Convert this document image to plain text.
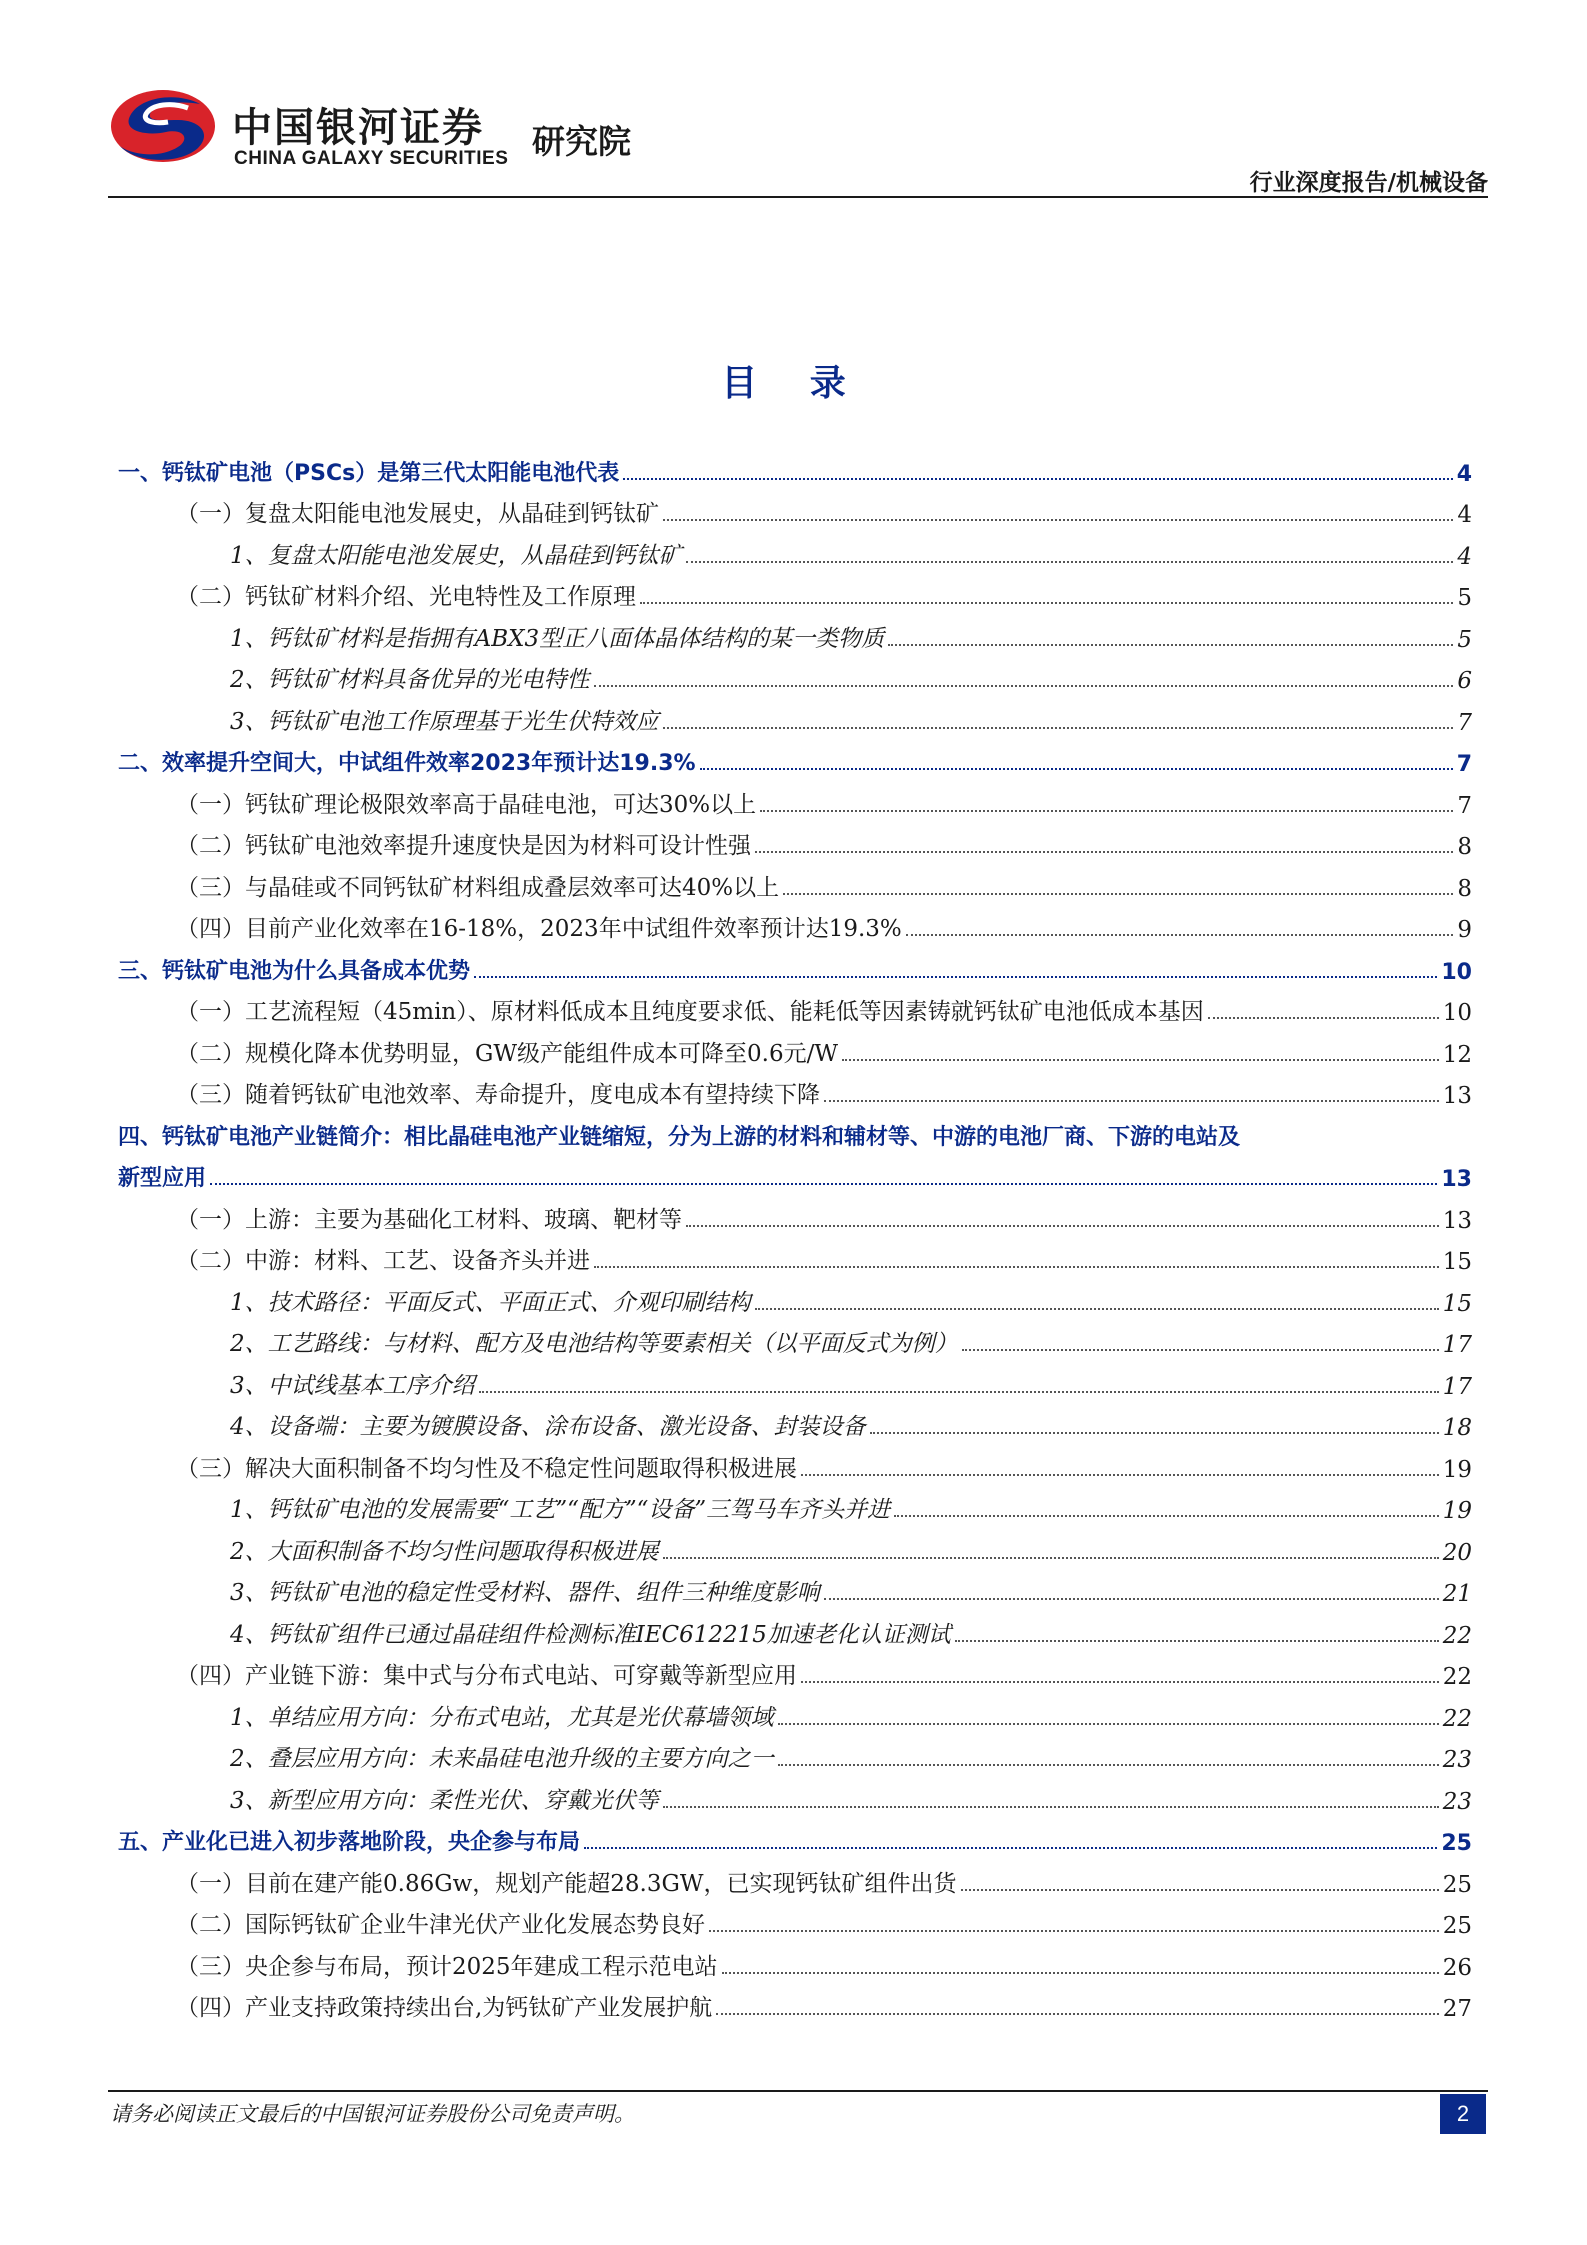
中国银河证券
CHINA GALAXY SECURITIES 研究院
行业深度报告/机械设备
目 录
一、钙钛矿电池（PSCs）是第三代太阳能电池代表	4
（一）复盘太阳能电池发展史，从晶硅到钙钛矿	4
1、复盘太阳能电池发展史，从晶硅到钙钛矿	4
（二）钙钛矿材料介绍、光电特性及工作原理	5
1、钙钛矿材料是指拥有ABX3型正八面体晶体结构的某一类物质	5
2、钙钛矿材料具备优异的光电特性	6
3、钙钛矿电池工作原理基于光生伏特效应	7
二、效率提升空间大，中试组件效率2023年预计达19.3%	7
（一）钙钛矿理论极限效率高于晶硅电池，可达30%以上	7
（二）钙钛矿电池效率提升速度快是因为材料可设计性强	8
（三）与晶硅或不同钙钛矿材料组成叠层效率可达40%以上	8
（四）目前产业化效率在16-18%，2023年中试组件效率预计达19.3%	9
三、钙钛矿电池为什么具备成本优势	10
（一）工艺流程短（45min）、原材料低成本且纯度要求低、能耗低等因素铸就钙钛矿电池低成本基因	10
（二）规模化降本优势明显，GW级产能组件成本可降至0.6元/W	12
（三）随着钙钛矿电池效率、寿命提升，度电成本有望持续下降	13
四、钙钛矿电池产业链简介：相比晶硅电池产业链缩短，分为上游的材料和辅材等、中游的电池厂商、下游的电站及
新型应用	13
（一）上游：主要为基础化工材料、玻璃、靶材等	13
（二）中游：材料、工艺、设备齐头并进	15
1、技术路径：平面反式、平面正式、介观印刷结构	15
2、工艺路线：与材料、配方及电池结构等要素相关（以平面反式为例）	17
3、中试线基本工序介绍	17
4、设备端：主要为镀膜设备、涂布设备、激光设备、封装设备	18
（三）解决大面积制备不均匀性及不稳定性问题取得积极进展	19
1、钙钛矿电池的发展需要“工艺”“配方”“设备”三驾马车齐头并进	19
2、大面积制备不均匀性问题取得积极进展	20
3、钙钛矿电池的稳定性受材料、器件、组件三种维度影响	21
4、钙钛矿组件已通过晶硅组件检测标准IEC612215加速老化认证测试	22
（四）产业链下游：集中式与分布式电站、可穿戴等新型应用	22
1、单结应用方向：分布式电站，尤其是光伏幕墙领域	22
2、叠层应用方向：未来晶硅电池升级的主要方向之一	23
3、新型应用方向：柔性光伏、穿戴光伏等	23
五、产业化已进入初步落地阶段，央企参与布局	25
（一）目前在建产能0.86Gw，规划产能超28.3GW，已实现钙钛矿组件出货	25
（二）国际钙钛矿企业牛津光伏产业化发展态势良好	25
（三）央企参与布局，预计2025年建成工程示范电站	26
（四）产业支持政策持续出台,为钙钛矿产业发展护航	27
请务必阅读正文最后的中国银河证券股份公司免责声明。	2
